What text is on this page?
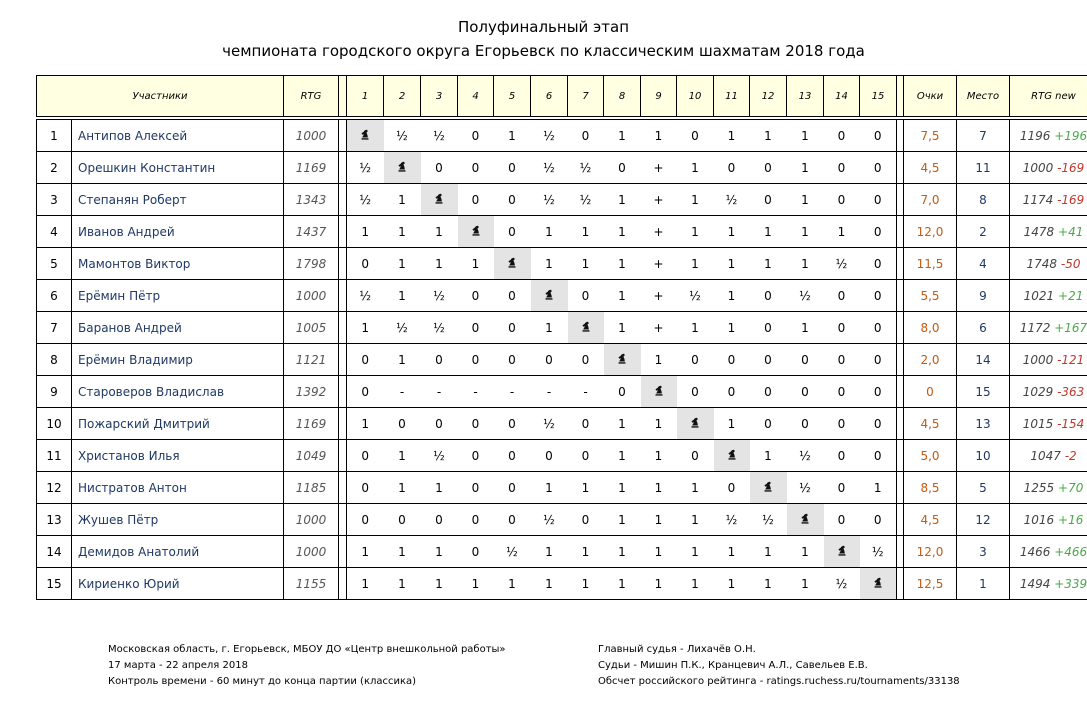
Полуфинальный этап
чемпионата городского округа Егорьевск по классическим шахматам 2018 года
Участники		RTG		1	2	3	4	5	6	7	8	9	10	11	12	13	14	15		Очки	Место	RTG new

1	Антипов Алексей	1000			½	½	0	1	½	0	1	1	0	1	1	1	0	0		7,5	7	1196 +196
2	Орешкин Константин	1169		½		0	0	0	½	½	0	+	1	0	0	1	0	0		4,5	11	1000 -169
3	Степанян Роберт	1343		½	1		0	0	½	½	1	+	1	½	0	1	0	0		7,0	8	1174 -169
4	Иванов Андрей	1437		1	1	1		0	1	1	1	+	1	1	1	1	1	0		12,0	2	1478 +41
5	Мамонтов Виктор	1798		0	1	1	1		1	1	1	+	1	1	1	1	½	0		11,5	4	1748 -50
6	Ерёмин Пётр	1000		½	1	½	0	0		0	1	+	½	1	0	½	0	0		5,5	9	1021 +21
7	Баранов Андрей	1005		1	½	½	0	0	1		1	+	1	1	0	1	0	0		8,0	6	1172 +167
8	Ерёмин Владимир	1121		0	1	0	0	0	0	0		1	0	0	0	0	0	0		2,0	14	1000 -121
9	Староверов Владислав	1392		0	-	-	-	-	-	-	0		0	0	0	0	0	0		0	15	1029 -363
10	Пожарский Дмитрий	1169		1	0	0	0	0	½	0	1	1		1	0	0	0	0		4,5	13	1015 -154
11	Христанов Илья	1049		0	1	½	0	0	0	0	1	1	0		1	½	0	0		5,0	10	1047 -2
12	Нистратов Антон	1185		0	1	1	0	0	1	1	1	1	1	0		½	0	1		8,5	5	1255 +70
13	Жушев Пётр	1000		0	0	0	0	0	½	0	1	1	1	½	½		0	0		4,5	12	1016 +16
14	Демидов Анатолий	1000		1	1	1	0	½	1	1	1	1	1	1	1	1		½		12,0	3	1466 +466
15	Кириенко Юрий	1155		1	1	1	1	1	1	1	1	1	1	1	1	1	½			12,5	1	1494 +339
Московская область, г. Егорьевск, МБОУ ДО «Центр внешкольной работы»
17 марта - 22 апреля 2018
Контроль времени - 60 минут до конца партии (классика)
Главный судья - Лихачёв О.Н.
Судьи - Мишин П.К., Кранцевич А.Л., Савельев Е.В.
Обсчет российского рейтинга - ratings.ruchess.ru/tournaments/33138
